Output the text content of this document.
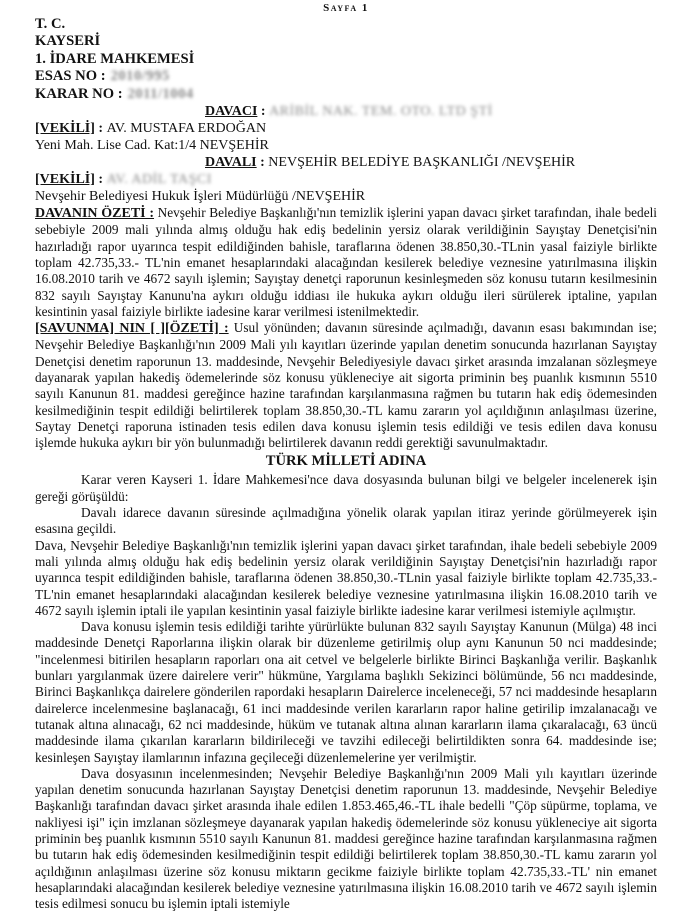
Sayfa 1
T. C.
KAYSERİ
1. İDARE MAHKEMESİ
ESAS NO : 2010/995
KARAR NO : 2011/1004
DAVACI : ARİBİL NAK. TEM. OTO. LTD ŞTİ
[VEKİLİ] : AV. MUSTAFA ERDOĞAN
Yeni Mah. Lise Cad. Kat:1/4 NEVŞEHİR
DAVALI : NEVŞEHİR BELEDİYE BAŞKANLIĞI /NEVŞEHİR
[VEKİLİ] : AV. ADİL TAŞCI
Nevşehir Belediyesi Hukuk İşleri Müdürlüğü /NEVŞEHİR

DAVANIN ÖZETİ : Nevşehir Belediye Başkanlığı'nın temizlik işlerini yapan davacı şirket tarafından, ihale bedeli sebebiyle 2009 mali yılında almış olduğu hak ediş bedelinin yersiz olarak verildiğinin Sayıştay Denetçisi'nin hazırladığı rapor uyarınca tespit edildiğinden bahisle, taraflarına ödenen 38.850,30.-TLnin yasal faiziyle birlikte toplam 42.735,33.- TL'nin emanet hesaplarındaki alacağından kesilerek belediye veznesine yatırılmasına ilişkin 16.08.2010 tarih ve 4672 sayılı işlemin; Sayıştay denetçi raporunun kesinleşmeden söz konusu tutarın kesilmesinin 832 sayılı Sayıştay Kanunu'na aykırı olduğu iddiası ile hukuka aykırı olduğu ileri sürülerek iptaline, yapılan kesintinin yasal faiziyle birlikte iadesine karar verilmesi istenilmektedir.

[SAVUNMA] NIN [ ][ÖZETİ] : Usul yönünden; davanın süresinde açılmadığı, davanın esası bakımından ise; Nevşehir Belediye Başkanlığı'nın 2009 Mali yılı kayıtları üzerinde yapılan denetim sonucunda hazırlanan Sayıştay Denetçisi denetim raporunun 13. maddesinde, Nevşehir Belediyesiyle davacı şirket arasında imzalanan sözleşmeye dayanarak yapılan hakediş ödemelerinde söz konusu yükleneciye ait sigorta priminin beş puanlık kısmının 5510 sayılı Kanunun 81. maddesi gereğince hazine tarafından karşılanmasına rağmen bu tutarın hak ediş ödemesinden kesilmediğinin tespit edildiği belirtilerek toplam 38.850,30.-TL kamu zararın yol açıldığının anlaşılması üzerine, Saytay Denetçi raporuna istinaden tesis edilen dava konusu işlemin tesis edildiği ve tesis edilen dava konusu işlemde hukuka aykırı bir yön bulunmadığı belirtilerek davanın reddi gerektiği savunulmaktadır.

TÜRK MİLLETİ ADINA

Karar veren Kayseri 1. İdare Mahkemesi'nce dava dosyasında bulunan bilgi ve belgeler incelenerek işin gereği görüşüldü:

Davalı idarece davanın süresinde açılmadığına yönelik olarak yapılan itiraz yerinde görülmeyerek işin esasına geçildi.

Dava, Nevşehir Belediye Başkanlığı'nın temizlik işlerini yapan davacı şirket tarafından, ihale bedeli sebebiyle 2009 mali yılında almış olduğu hak ediş bedelinin yersiz olarak verildiğinin Sayıştay Denetçisi'nin hazırladığı rapor uyarınca tespit edildiğinden bahisle, taraflarına ödenen 38.850,30.-TLnin yasal faiziyle birlikte toplam 42.735,33.- TL'nin emanet hesaplarındaki alacağından kesilerek belediye veznesine yatırılmasına ilişkin 16.08.2010 tarih ve 4672 sayılı işlemin iptali ile yapılan kesintinin yasal faiziyle birlikte iadesine karar verilmesi istemiyle açılmıştır.

Dava konusu işlemin tesis edildiği tarihte yürürlükte bulunan 832 sayılı Sayıştay Kanunun (Mülga) 48 inci maddesinde Denetçi Raporlarına ilişkin olarak bir düzenleme getirilmiş olup aynı Kanunun 50 nci maddesinde; "incelenmesi bitirilen hesapların raporları ona ait cetvel ve belgelerle birlikte Birinci Başkanlığa verilir. Başkanlık bunları yargılanmak üzere dairelere verir" hükmüne, Yargılama başlıklı Sekizinci bölümünde, 56 ncı maddesinde, Birinci Başkanlıkça dairelere gönderilen rapordaki hesapların Dairelerce inceleneceği, 57 nci maddesinde hesapların dairelerce incelenmesine başlanacağı, 61 inci maddesinde verilen kararların rapor haline getirilip imzalanacağı ve tutanak altına alınacağı, 62 nci maddesinde, hüküm ve tutanak altına alınan kararların ilama çıkaralacağı, 63 üncü maddesinde ilama çıkarılan kararların bildirileceği ve tavzihi edileceği belirtildikten sonra 64. maddesinde ise; kesinleşen Sayıştay ilamlarının infazına geçileceği düzenlemelerine yer verilmiştir.

Dava dosyasının incelenmesinden; Nevşehir Belediye Başkanlığı'nın 2009 Mali yılı kayıtları üzerinde yapılan denetim sonucunda hazırlanan Sayıştay Denetçisi denetim raporunun 13. maddesinde, Nevşehir Belediye Başkanlığı tarafından davacı şirket arasında ihale edilen 1.853.465,46.-TL ihale bedelli "Çöp süpürme, toplama, ve nakliyesi işi" için imzlanan sözleşmeye dayanarak yapılan hakediş ödemelerinde söz konusu yükleneciye ait sigorta priminin beş puanlık kısmının 5510 sayılı Kanunun 81. maddesi gereğince hazine tarafından karşılanmasına rağmen bu tutarın hak ediş ödemesinden kesilmediğinin tespit edildiği belirtilerek toplam 38.850,30.-TL kamu zararın yol açıldığının anlaşılması üzerine söz konusu miktarın gecikme faiziyle birlikte toplam 42.735,33.-TL' nin emanet hesaplarındaki alacağından kesilerek belediye veznesine yatırılmasına ilişkin 16.08.2010 tarih ve 4672 sayılı işlemin tesis edilmesi sonucu bu işlemin iptali istemiyle
